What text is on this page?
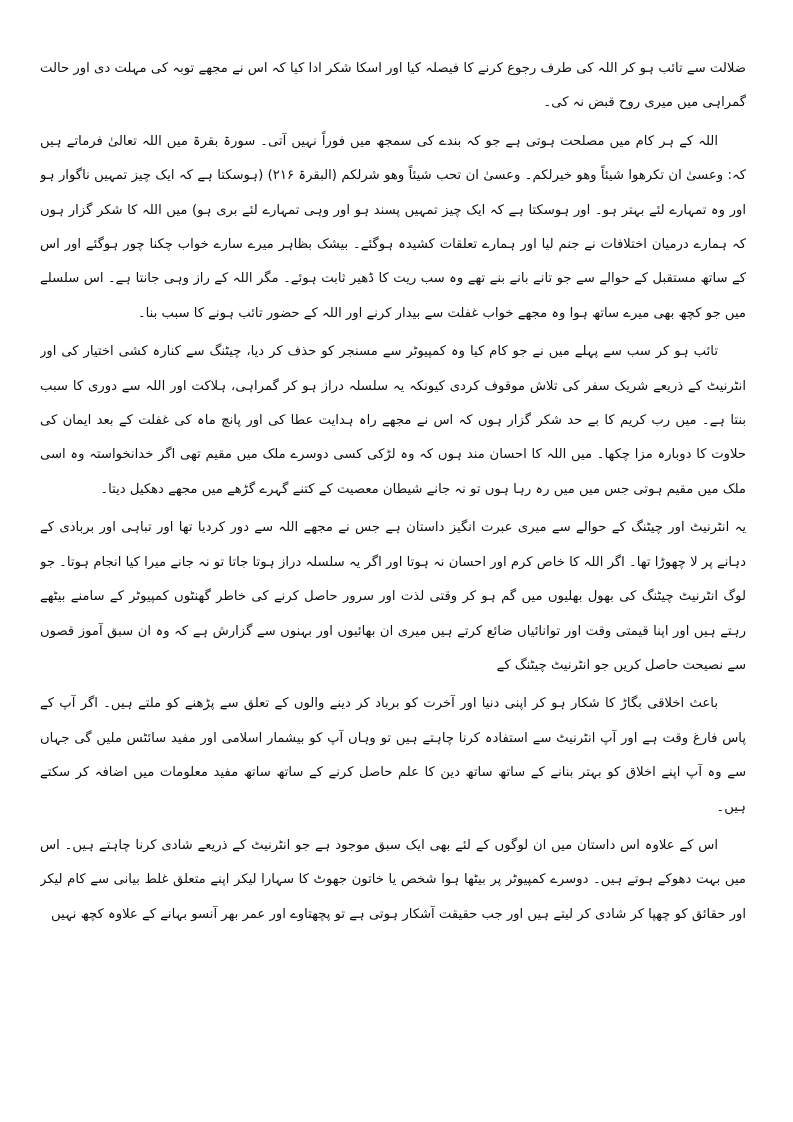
ضلالت سے تائب ہو کر اللہ کی طرف رجوع کرنے کا فیصلہ کیا اور اسکا شکر ادا کیا کہ اس نے مجھے توبہ کی مہلت دی اور حالت گمراہی میں میری روح قبض نہ کی۔

اللہ کے ہر کام میں مصلحت ہوتی ہے جو کہ بندے کی سمجھ میں فوراً نہیں آتی۔ سورۃ بقرۃ میں اللہ تعالیٰ فرماتے ہیں کہ: وعسیٰ ان تکرھوا شیئاً وھو خیرلکم۔ وعسیٰ ان تحب شیئاً وھو شرلکم (البقرۃ ۲۱۶) (ہوسکتا ہے کہ ایک چیز تمہیں ناگوار ہو اور وہ تمہارے لئے بہتر ہو۔ اور ہوسکتا ہے کہ ایک چیز تمہیں پسند ہو اور وہی تمہارے لئے بری ہو) میں اللہ کا شکر گزار ہوں کہ ہمارے درمیان اختلافات نے جنم لیا اور ہمارے تعلقات کشیدہ ہوگئے۔ بیشک بظاہر میرے سارے خواب چکنا چور ہوگئے اور اس کے ساتھ مستقبل کے حوالے سے جو تانے بانے بنے تھے وہ سب ریت کا ڈھیر ثابت ہوئے۔ مگر اللہ کے راز وہی جانتا ہے۔ اس سلسلے میں جو کچھ بھی میرے ساتھ ہوا وہ مجھے خواب غفلت سے بیدار کرنے اور اللہ کے حضور تائب ہونے کا سبب بنا۔

تائب ہو کر سب سے پہلے میں نے جو کام کیا وہ کمپیوٹر سے مسنجر کو حذف کر دیا، چیٹنگ سے کنارہ کشی اختیار کی اور انٹرنیٹ کے ذریعے شریک سفر کی تلاش موقوف کردی کیونکہ یہ سلسلہ دراز ہو کر گمراہی، ہلاکت اور اللہ سے دوری کا سبب بنتا ہے۔ میں رب کریم کا بے حد شکر گزار ہوں کہ اس نے مجھے راہ ہدایت عطا کی اور پانچ ماہ کی غفلت کے بعد ایمان کی حلاوت کا دوبارہ مزا چکھا۔ میں اللہ کا احسان مند ہوں کہ وہ لڑکی کسی دوسرے ملک میں مقیم تھی اگر خدانخواستہ وہ اسی ملک میں مقیم ہوتی جس میں میں رہ رہا ہوں تو نہ جانے شیطان معصیت کے کتنے گہرے گڑھے میں مجھے دھکیل دیتا۔

یہ انٹرنیٹ اور چیٹنگ کے حوالے سے میری عبرت انگیز داستان ہے جس نے مجھے اللہ سے دور کردیا تھا اور تباہی اور بربادی کے دہانے پر لا چھوڑا تھا۔ اگر اللہ کا خاص کرم اور احسان نہ ہوتا اور اگر یہ سلسلہ دراز ہوتا جاتا تو نہ جانے میرا کیا انجام ہوتا۔ جو لوگ انٹرنیٹ چیٹنگ کی بھول بھلیوں میں گم ہو کر وقتی لذت اور سرور حاصل کرنے کی خاطر گھنٹوں کمپیوٹر کے سامنے بیٹھے رہتے ہیں اور اپنا قیمتی وقت اور توانائیاں ضائع کرتے ہیں میری ان بھائیوں اور بہنوں سے گزارش ہے کہ وہ ان سبق آموز قصوں سے نصیحت حاصل کریں جو انٹرنیٹ چیٹنگ کے

باعث اخلاقی بگاڑ کا شکار ہو کر اپنی دنیا اور آخرت کو برباد کر دینے والوں کے تعلق سے پڑھنے کو ملتے ہیں۔ اگر آپ کے پاس فارغ وقت ہے اور آپ انٹرنیٹ سے استفادہ کرنا چاہتے ہیں تو وہاں آپ کو بیشمار اسلامی اور مفید سائٹس ملیں گی جہاں سے وہ آپ اپنے اخلاق کو بہتر بنانے کے ساتھ ساتھ دین کا علم حاصل کرنے کے ساتھ ساتھ مفید معلومات میں اضافہ کر سکتے ہیں۔

اس کے علاوہ اس داستان میں ان لوگوں کے لئے بھی ایک سبق موجود ہے جو انٹرنیٹ کے ذریعے شادی کرنا چاہتے ہیں۔ اس میں بہت دھوکے ہوتے ہیں۔ دوسرے کمپیوٹر پر بیٹھا ہوا شخص یا خاتون جھوٹ کا سہارا لیکر اپنے متعلق غلط بیانی سے کام لیکر اور حقائق کو چھپا کر شادی کر لیتے ہیں اور جب حقیقت آشکار ہوتی ہے تو پچھتاوے اور عمر بھر آنسو بہانے کے علاوہ کچھ نہیں
